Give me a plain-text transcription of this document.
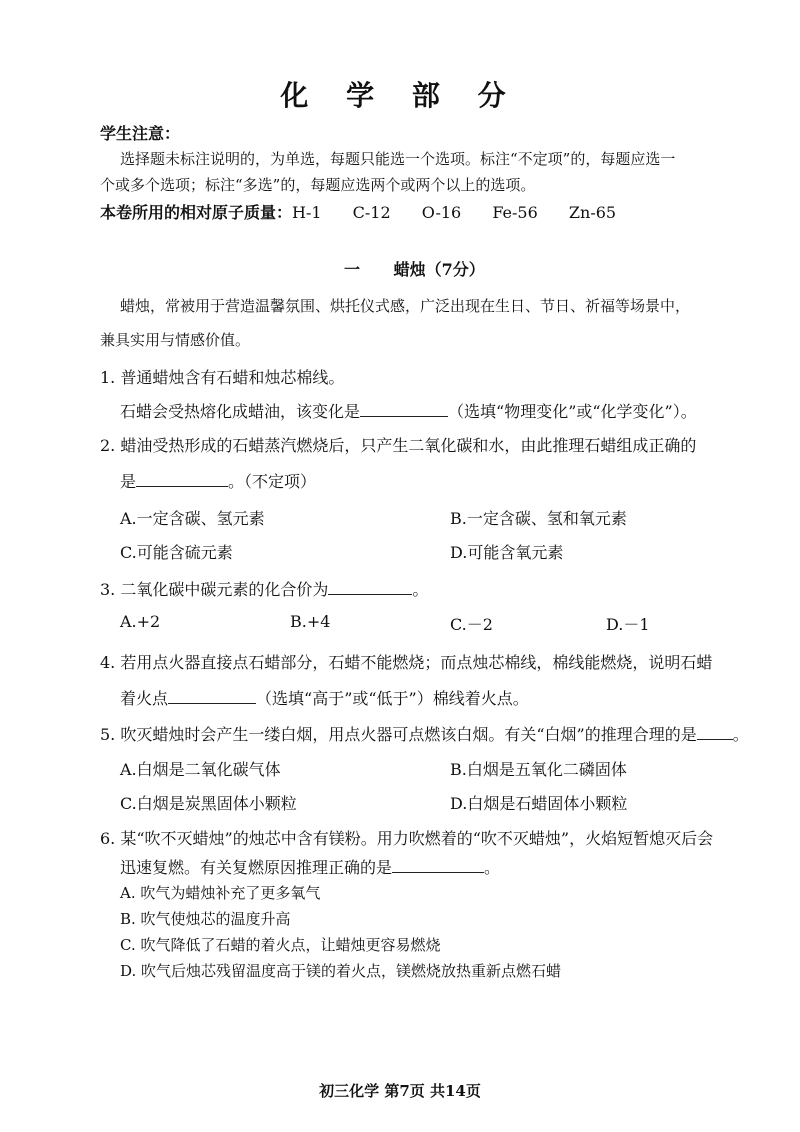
化 学 部 分
学生注意：
选择题未标注说明的，为单选，每题只能选一个选项。标注“不定项”的，每题应选一
个或多个选项；标注“多选”的，每题应选两个或两个以上的选项。
本卷所用的相对原子质量：H-1 C-12 O-16 Fe-56 Zn-65
一 蜡烛（7分）
蜡烛，常被用于营造温馨氛围、烘托仪式感，广泛出现在生日、节日、祈福等场景中，
兼具实用与情感价值。
1. 普通蜡烛含有石蜡和烛芯棉线。
石蜡会受热熔化成蜡油，该变化是	（选填“物理变化”或“化学变化”）。
2. 蜡油受热形成的石蜡蒸汽燃烧后，只产生二氧化碳和水，由此推理石蜡组成正确的
是	。（不定项）
A.一定含碳、氢元素	B.一定含碳、氢和氧元素
C.可能含硫元素	D.可能含氧元素
3. 二氧化碳中碳元素的化合价为	。
A.+2	B.+4	C.－2	D.－1
4. 若用点火器直接点石蜡部分，石蜡不能燃烧；而点烛芯棉线，棉线能燃烧，说明石蜡
着火点	（选填“高于”或“低于”）棉线着火点。
5. 吹灭蜡烛时会产生一缕白烟，用点火器可点燃该白烟。有关“白烟”的推理合理的是 。
A.白烟是二氧化碳气体	B.白烟是五氧化二磷固体
C.白烟是炭黑固体小颗粒	D.白烟是石蜡固体小颗粒
6. 某“吹不灭蜡烛”的烛芯中含有镁粉。用力吹燃着的“吹不灭蜡烛”，火焰短暂熄灭后会
迅速复燃。有关复燃原因推理正确的是	。
A. 吹气为蜡烛补充了更多氧气
B. 吹气使烛芯的温度升高
C. 吹气降低了石蜡的着火点，让蜡烛更容易燃烧
D. 吹气后烛芯残留温度高于镁的着火点，镁燃烧放热重新点燃石蜡
初三化学 第7页 共14页
